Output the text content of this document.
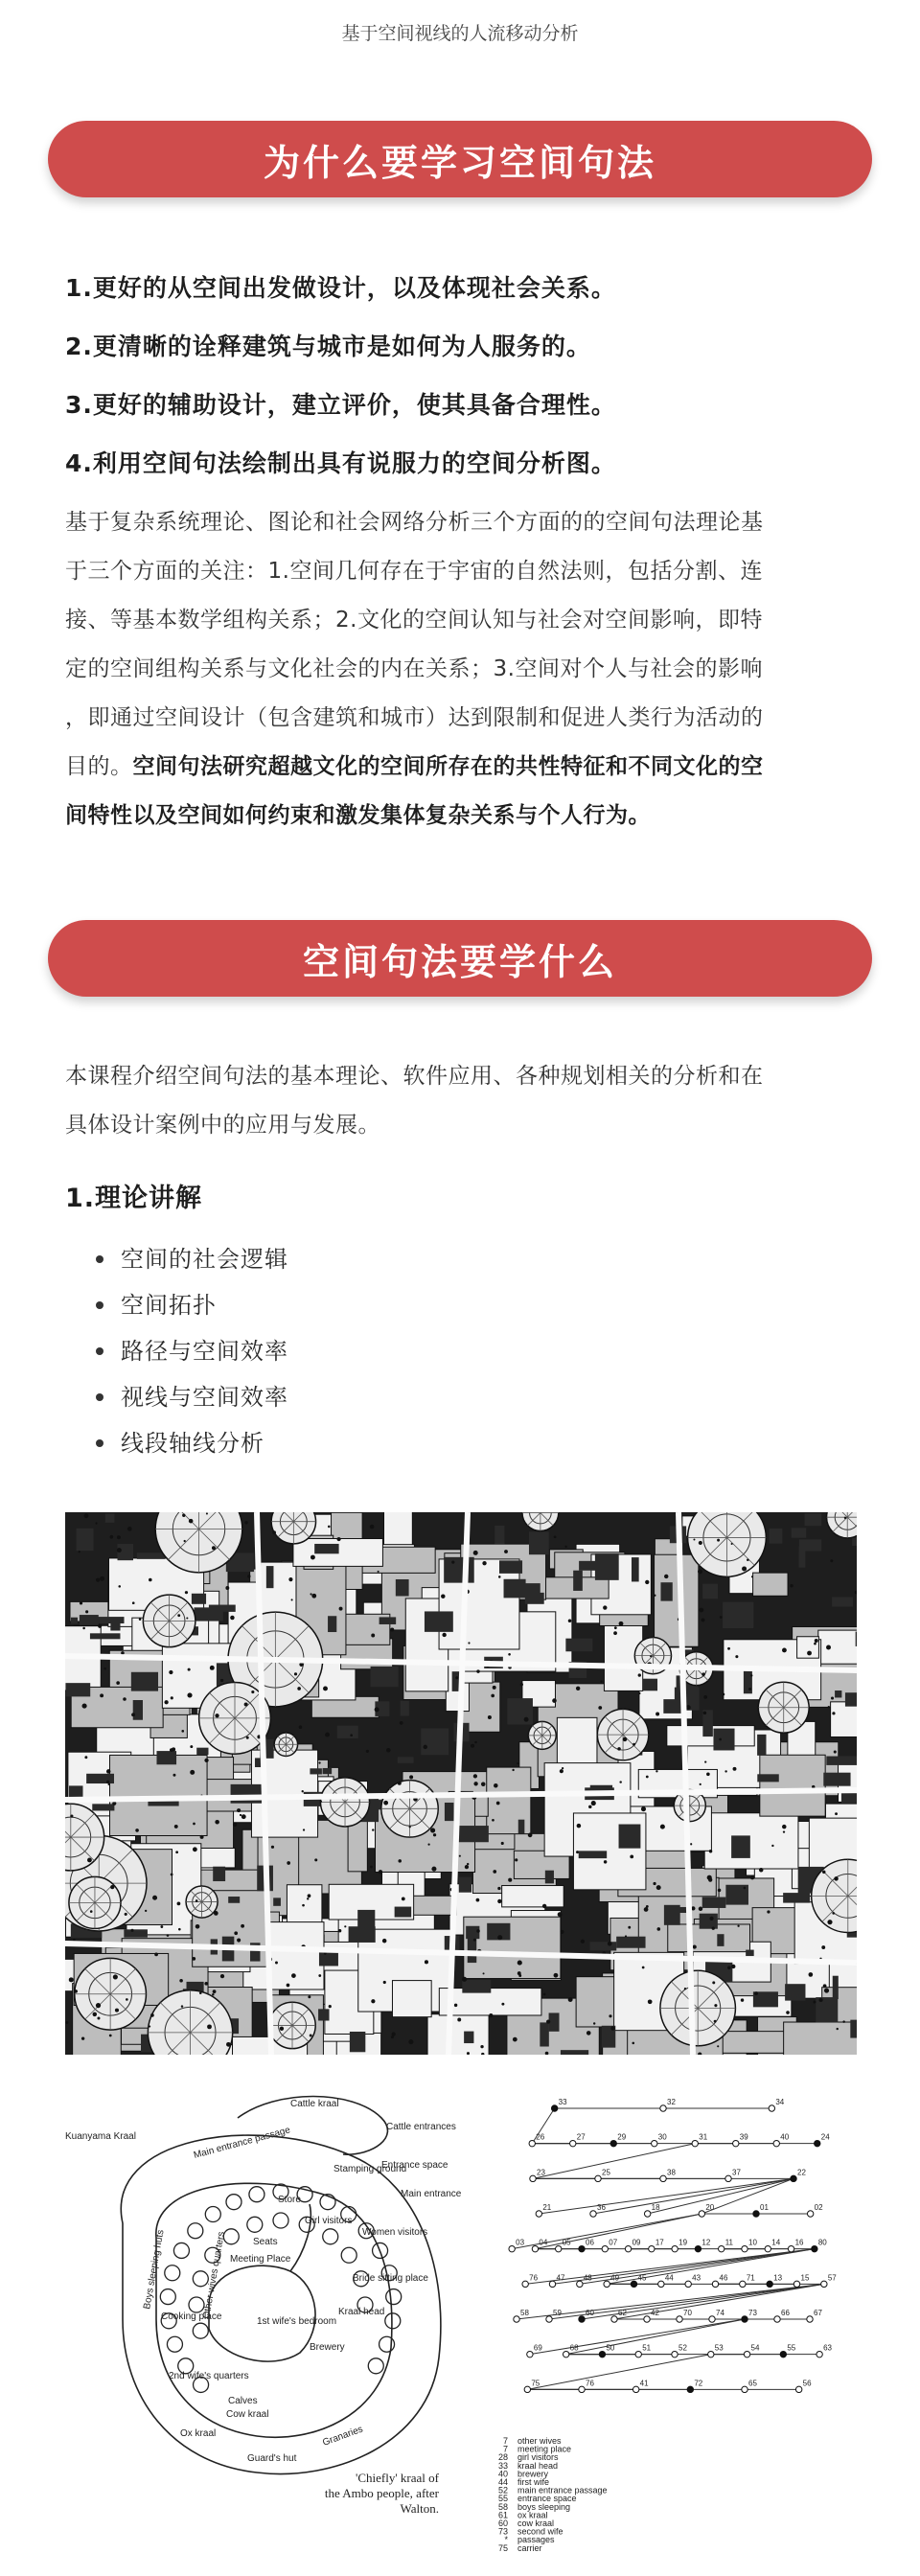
基于空间视线的人流移动分析
为什么要学习空间句法
1.更好的从空间出发做设计，以及体现社会关系。
2.更清晰的诠释建筑与城市是如何为人服务的。
3.更好的辅助设计，建立评价，使其具备合理性。
4.利用空间句法绘制出具有说服力的空间分析图。
基于复杂系统理论、图论和社会网络分析三个方面的的空间句法理论基
于三个方面的关注：1.空间几何存在于宇宙的自然法则，包括分割、连
接、等基本数学组构关系；2.文化的空间认知与社会对空间影响，即特
定的空间组构关系与文化社会的内在关系；3.空间对个人与社会的影响
，即通过空间设计（包含建筑和城市）达到限制和促进人类行为活动的
目的。空间句法研究超越文化的空间所存在的共性特征和不同文化的空
间特性以及空间如何约束和激发集体复杂关系与个人行为。
空间句法要学什么
本课程介绍空间句法的基本理论、软件应用、各种规划相关的分析和在
具体设计案例中的应用与发展。
1.理论讲解
空间的社会逻辑
空间拓扑
路径与空间效率
视线与空间效率
线段轴线分析
Kuanyama Kraal
Cattle kraal
Cattle entrances
Main entrance passage
Stamping ground
Entrance space
Main entrance
Store
Girl visitors
Women visitors
Meeting Place
Seats
Bride sitting place
Cooking place	1st wife's bedroom
Kraal head
Brewery
2nd wife's quarters
Calves
Cow kraal
Ox kraal
Guard's hut
Granaries
Boys sleeping huts	Other wives quarters
'Chiefly' kraal of
the Ambo people, after
Walton.
33	32	34
26	27	29	30	31	39	40	24
23	25	38	37	22
21	36	18	20	01	02
03 04 05 06 07 09 17 19 12 11 10 14 16 80
76 47 48 49 45 44 43 46 71 13 15 57
58	59	60	62	42	70	74	73	66	67
69	68	50	51	52	53	54	55	63
75	76	41	72	65	56
7 other wives
7 meeting place
28 girl visitors
33 kraal head
40 brewery
44 first wife
52 main entrance passage
55 entrance space
58 boys sleeping
61 ox kraal
60 cow kraal
73 second wife
* passages
75 carrier
